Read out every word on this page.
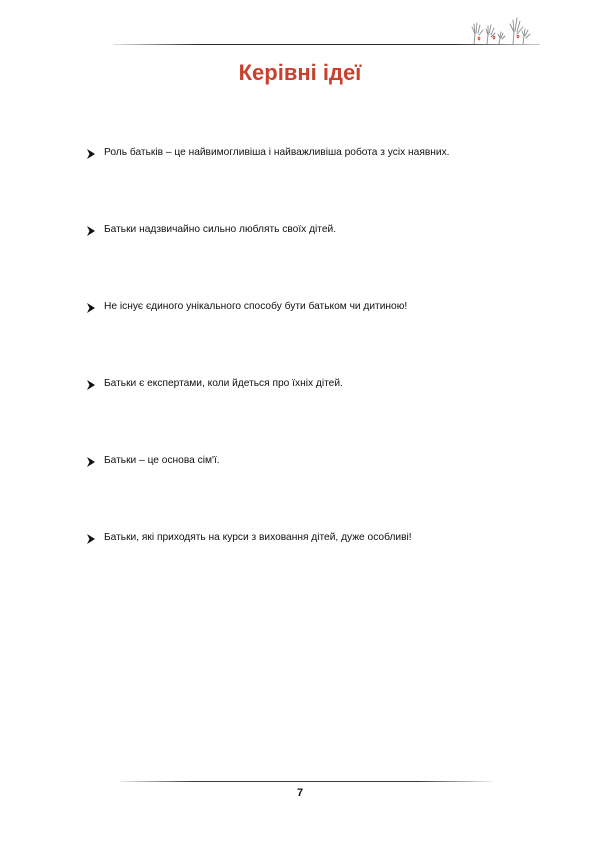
Керівні ідеї
Роль батьків – це найвимогливіша і найважливіша робота з усіх наявних.
Батьки надзвичайно сильно люблять своїх дітей.
Не існує єдиного унікального способу бути батьком чи дитиною!
Батьки є експертами, коли йдеться про їхніх дітей.
Батьки – це основа сім'ї.
Батьки, які приходять на курси з виховання дітей, дуже особливі!
7
